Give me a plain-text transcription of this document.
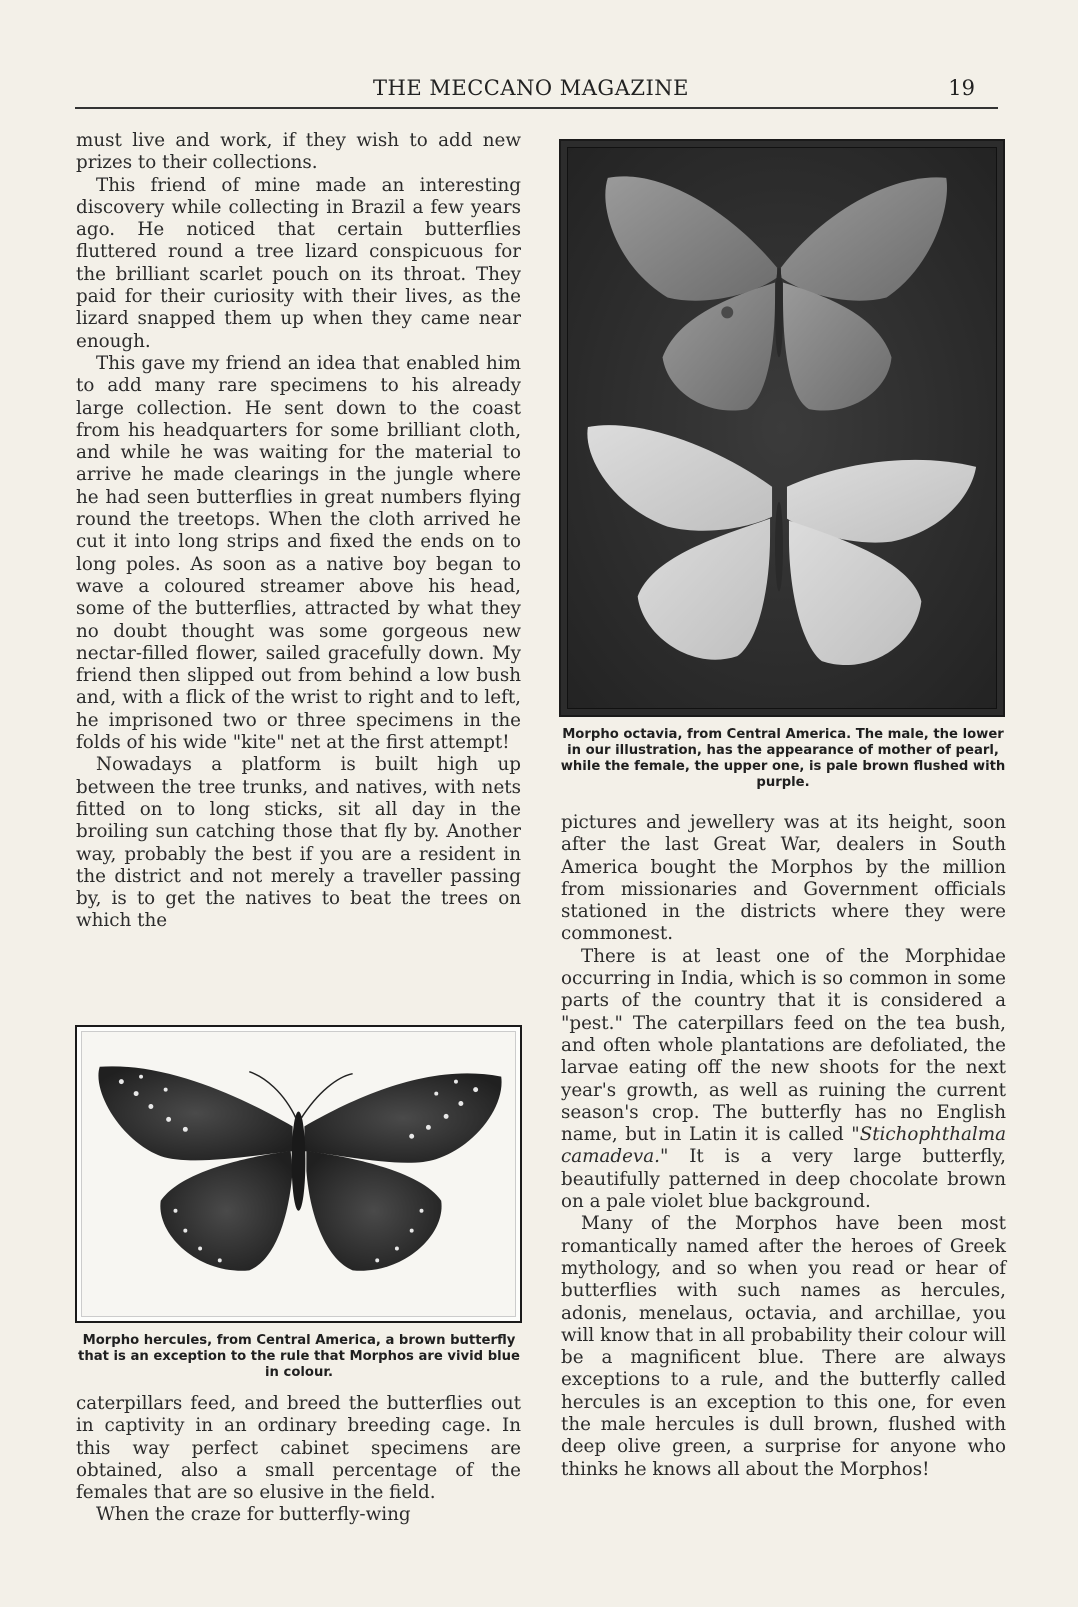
THE MECCANO MAGAZINE	19

must live and work, if they wish to add new prizes to their collections.

This friend of mine made an interesting discovery while collecting in Brazil a few years ago. He noticed that certain butterflies fluttered round a tree lizard conspicuous for the brilliant scarlet pouch on its throat. They paid for their curiosity with their lives, as the lizard snapped them up when they came near enough.

This gave my friend an idea that enabled him to add many rare specimens to his already large collection. He sent down to the coast from his headquarters for some brilliant cloth, and while he was waiting for the material to arrive he made clearings in the jungle where he had seen butterflies in great numbers flying round the treetops. When the cloth arrived he cut it into long strips and fixed the ends on to long poles. As soon as a native boy began to wave a coloured streamer above his head, some of the butterflies, attracted by what they no doubt thought was some gorgeous new nectar-filled flower, sailed gracefully down. My friend then slipped out from behind a low bush and, with a flick of the wrist to right and to left, he imprisoned two or three specimens in the folds of his wide "kite" net at the first attempt!

Nowadays a platform is built high up between the tree trunks, and natives, with nets fitted on to long sticks, sit all day in the broiling sun catching those that fly by. Another way, probably the best if you are a resident in the district and not merely a traveller passing by, is to get the natives to beat the trees on which the

Morpho hercules, from Central America, a brown butterfly that is an exception to the rule that Morphos are vivid blue in colour.

caterpillars feed, and breed the butterflies out in captivity in an ordinary breeding cage. In this way perfect cabinet specimens are obtained, also a small percentage of the females that are so elusive in the field.

When the craze for butterfly-wing

Morpho octavia, from Central America. The male, the lower in our illustration, has the appearance of mother of pearl, while the female, the upper one, is pale brown flushed with purple.

pictures and jewellery was at its height, soon after the last Great War, dealers in South America bought the Morphos by the million from missionaries and Government officials stationed in the districts where they were commonest.

There is at least one of the Morphidae occurring in India, which is so common in some parts of the country that it is considered a "pest." The caterpillars feed on the tea bush, and often whole plantations are defoliated, the larvae eating off the new shoots for the next year's growth, as well as ruining the current season's crop. The butterfly has no English name, but in Latin it is called "Stichophthalma camadeva." It is a very large butterfly, beautifully patterned in deep chocolate brown on a pale violet blue background.

Many of the Morphos have been most romantically named after the heroes of Greek mythology, and so when you read or hear of butterflies with such names as hercules, adonis, menelaus, octavia, and archillae, you will know that in all probability their colour will be a magnificent blue. There are always exceptions to a rule, and the butterfly called hercules is an exception to this one, for even the male hercules is dull brown, flushed with deep olive green, a surprise for anyone who thinks he knows all about the Morphos!
